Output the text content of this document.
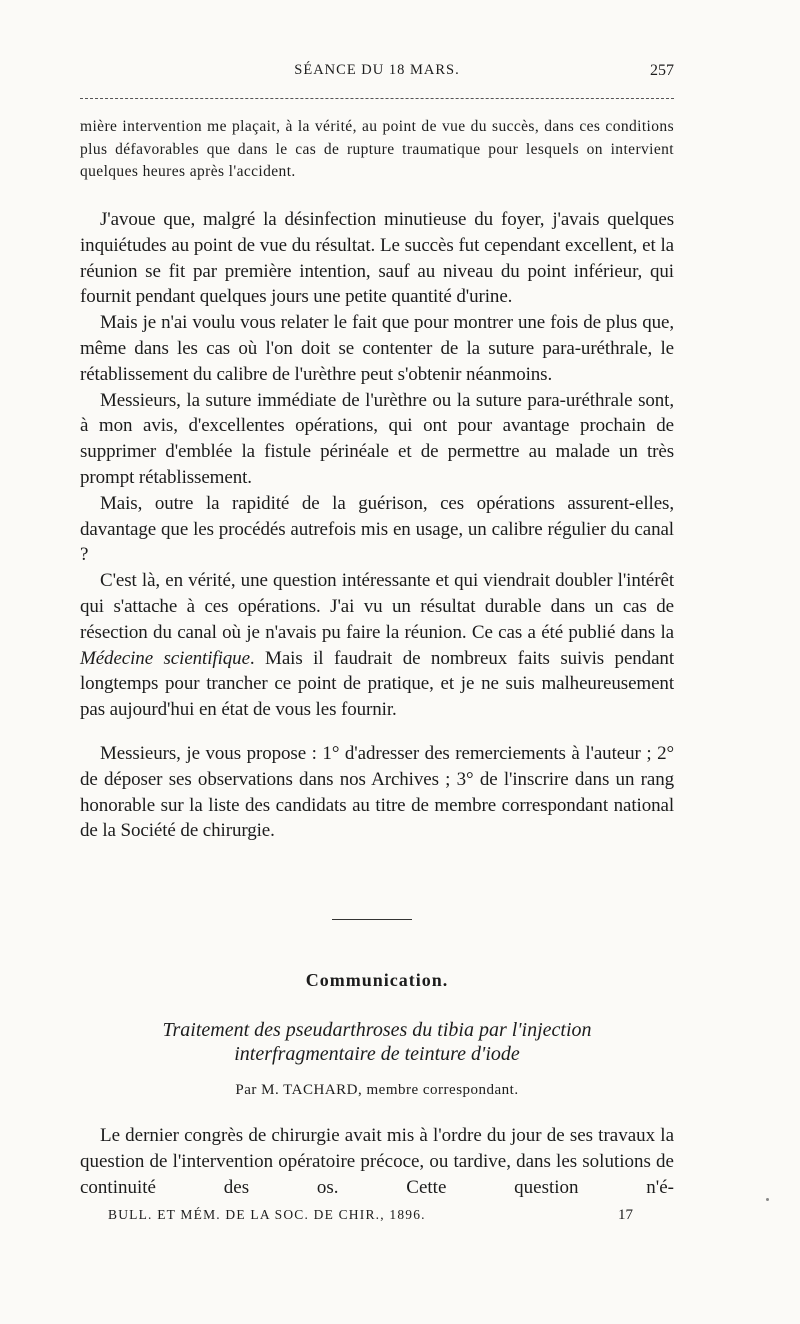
SÉANCE DU 18 MARS.	257

mière intervention me plaçait, à la vérité, au point de vue du succès, dans ces conditions plus défavorables que dans le cas de rupture traumatique pour lesquels on intervient quelques heures après l'accident.

J'avoue que, malgré la désinfection minutieuse du foyer, j'avais quelques inquiétudes au point de vue du résultat. Le succès fut cependant excellent, et la réunion se fit par première intention, sauf au niveau du point inférieur, qui fournit pendant quelques jours une petite quantité d'urine.

Mais je n'ai voulu vous relater le fait que pour montrer une fois de plus que, même dans les cas où l'on doit se contenter de la suture para-uréthrale, le rétablissement du calibre de l'urèthre peut s'obtenir néanmoins.

Messieurs, la suture immédiate de l'urèthre ou la suture para-uréthrale sont, à mon avis, d'excellentes opérations, qui ont pour avantage prochain de supprimer d'emblée la fistule périnéale et de permettre au malade un très prompt rétablissement.

Mais, outre la rapidité de la guérison, ces opérations assurent-elles, davantage que les procédés autrefois mis en usage, un calibre régulier du canal ?

C'est là, en vérité, une question intéressante et qui viendrait doubler l'intérêt qui s'attache à ces opérations. J'ai vu un résultat durable dans un cas de résection du canal où je n'avais pu faire la réunion. Ce cas a été publié dans la Médecine scientifique. Mais il faudrait de nombreux faits suivis pendant longtemps pour trancher ce point de pratique, et je ne suis malheureusement pas aujourd'hui en état de vous les fournir.

Messieurs, je vous propose : 1° d'adresser des remerciements à l'auteur ; 2° de déposer ses observations dans nos Archives ; 3° de l'inscrire dans un rang honorable sur la liste des candidats au titre de membre correspondant national de la Société de chirurgie.

Communication.
Traitement des pseudarthroses du tibia par l'injection
interfragmentaire de teinture d'iode
Par M. TACHARD, membre correspondant.

Le dernier congrès de chirurgie avait mis à l'ordre du jour de ses travaux la question de l'intervention opératoire précoce, ou tardive, dans les solutions de continuité des os. Cette question n'é-

BULL. ET MÉM. DE LA SOC. DE CHIR., 1896.	17
